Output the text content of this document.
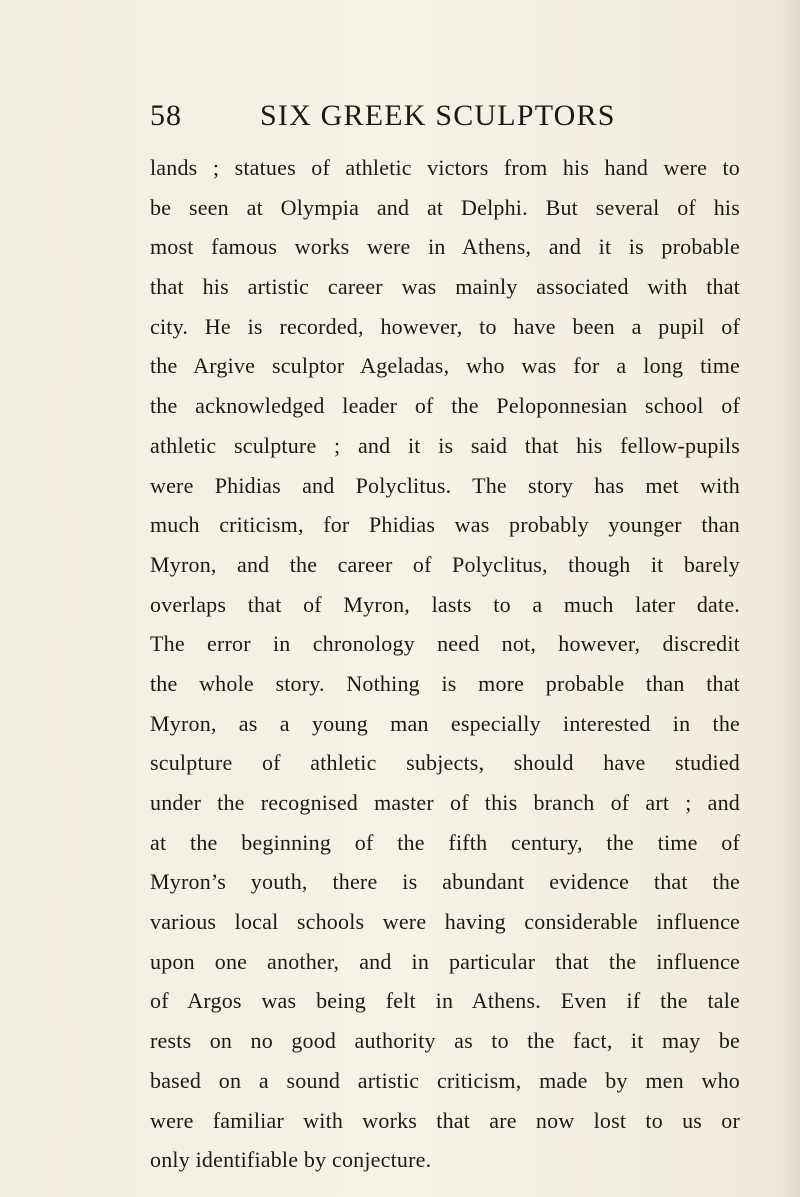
58	SIX GREEK SCULPTORS
lands ; statues of athletic victors from his hand were to
be seen at Olympia and at Delphi. But several of his
most famous works were in Athens, and it is probable
that his artistic career was mainly associated with that
city. He is recorded, however, to have been a pupil of
the Argive sculptor Ageladas, who was for a long time
the acknowledged leader of the Peloponnesian school of
athletic sculpture ; and it is said that his fellow-pupils
were Phidias and Polyclitus. The story has met with
much criticism, for Phidias was probably younger than
Myron, and the career of Polyclitus, though it barely
overlaps that of Myron, lasts to a much later date.
The error in chronology need not, however, discredit
the whole story. Nothing is more probable than that
Myron, as a young man especially interested in the
sculpture of athletic subjects, should have studied
under the recognised master of this branch of art ; and
at the beginning of the fifth century, the time of
Myron’s youth, there is abundant evidence that the
various local schools were having considerable influence
upon one another, and in particular that the influence
of Argos was being felt in Athens. Even if the tale
rests on no good authority as to the fact, it may be
based on a sound artistic criticism, made by men who
were familiar with works that are now lost to us or
only identifiable by conjecture.
